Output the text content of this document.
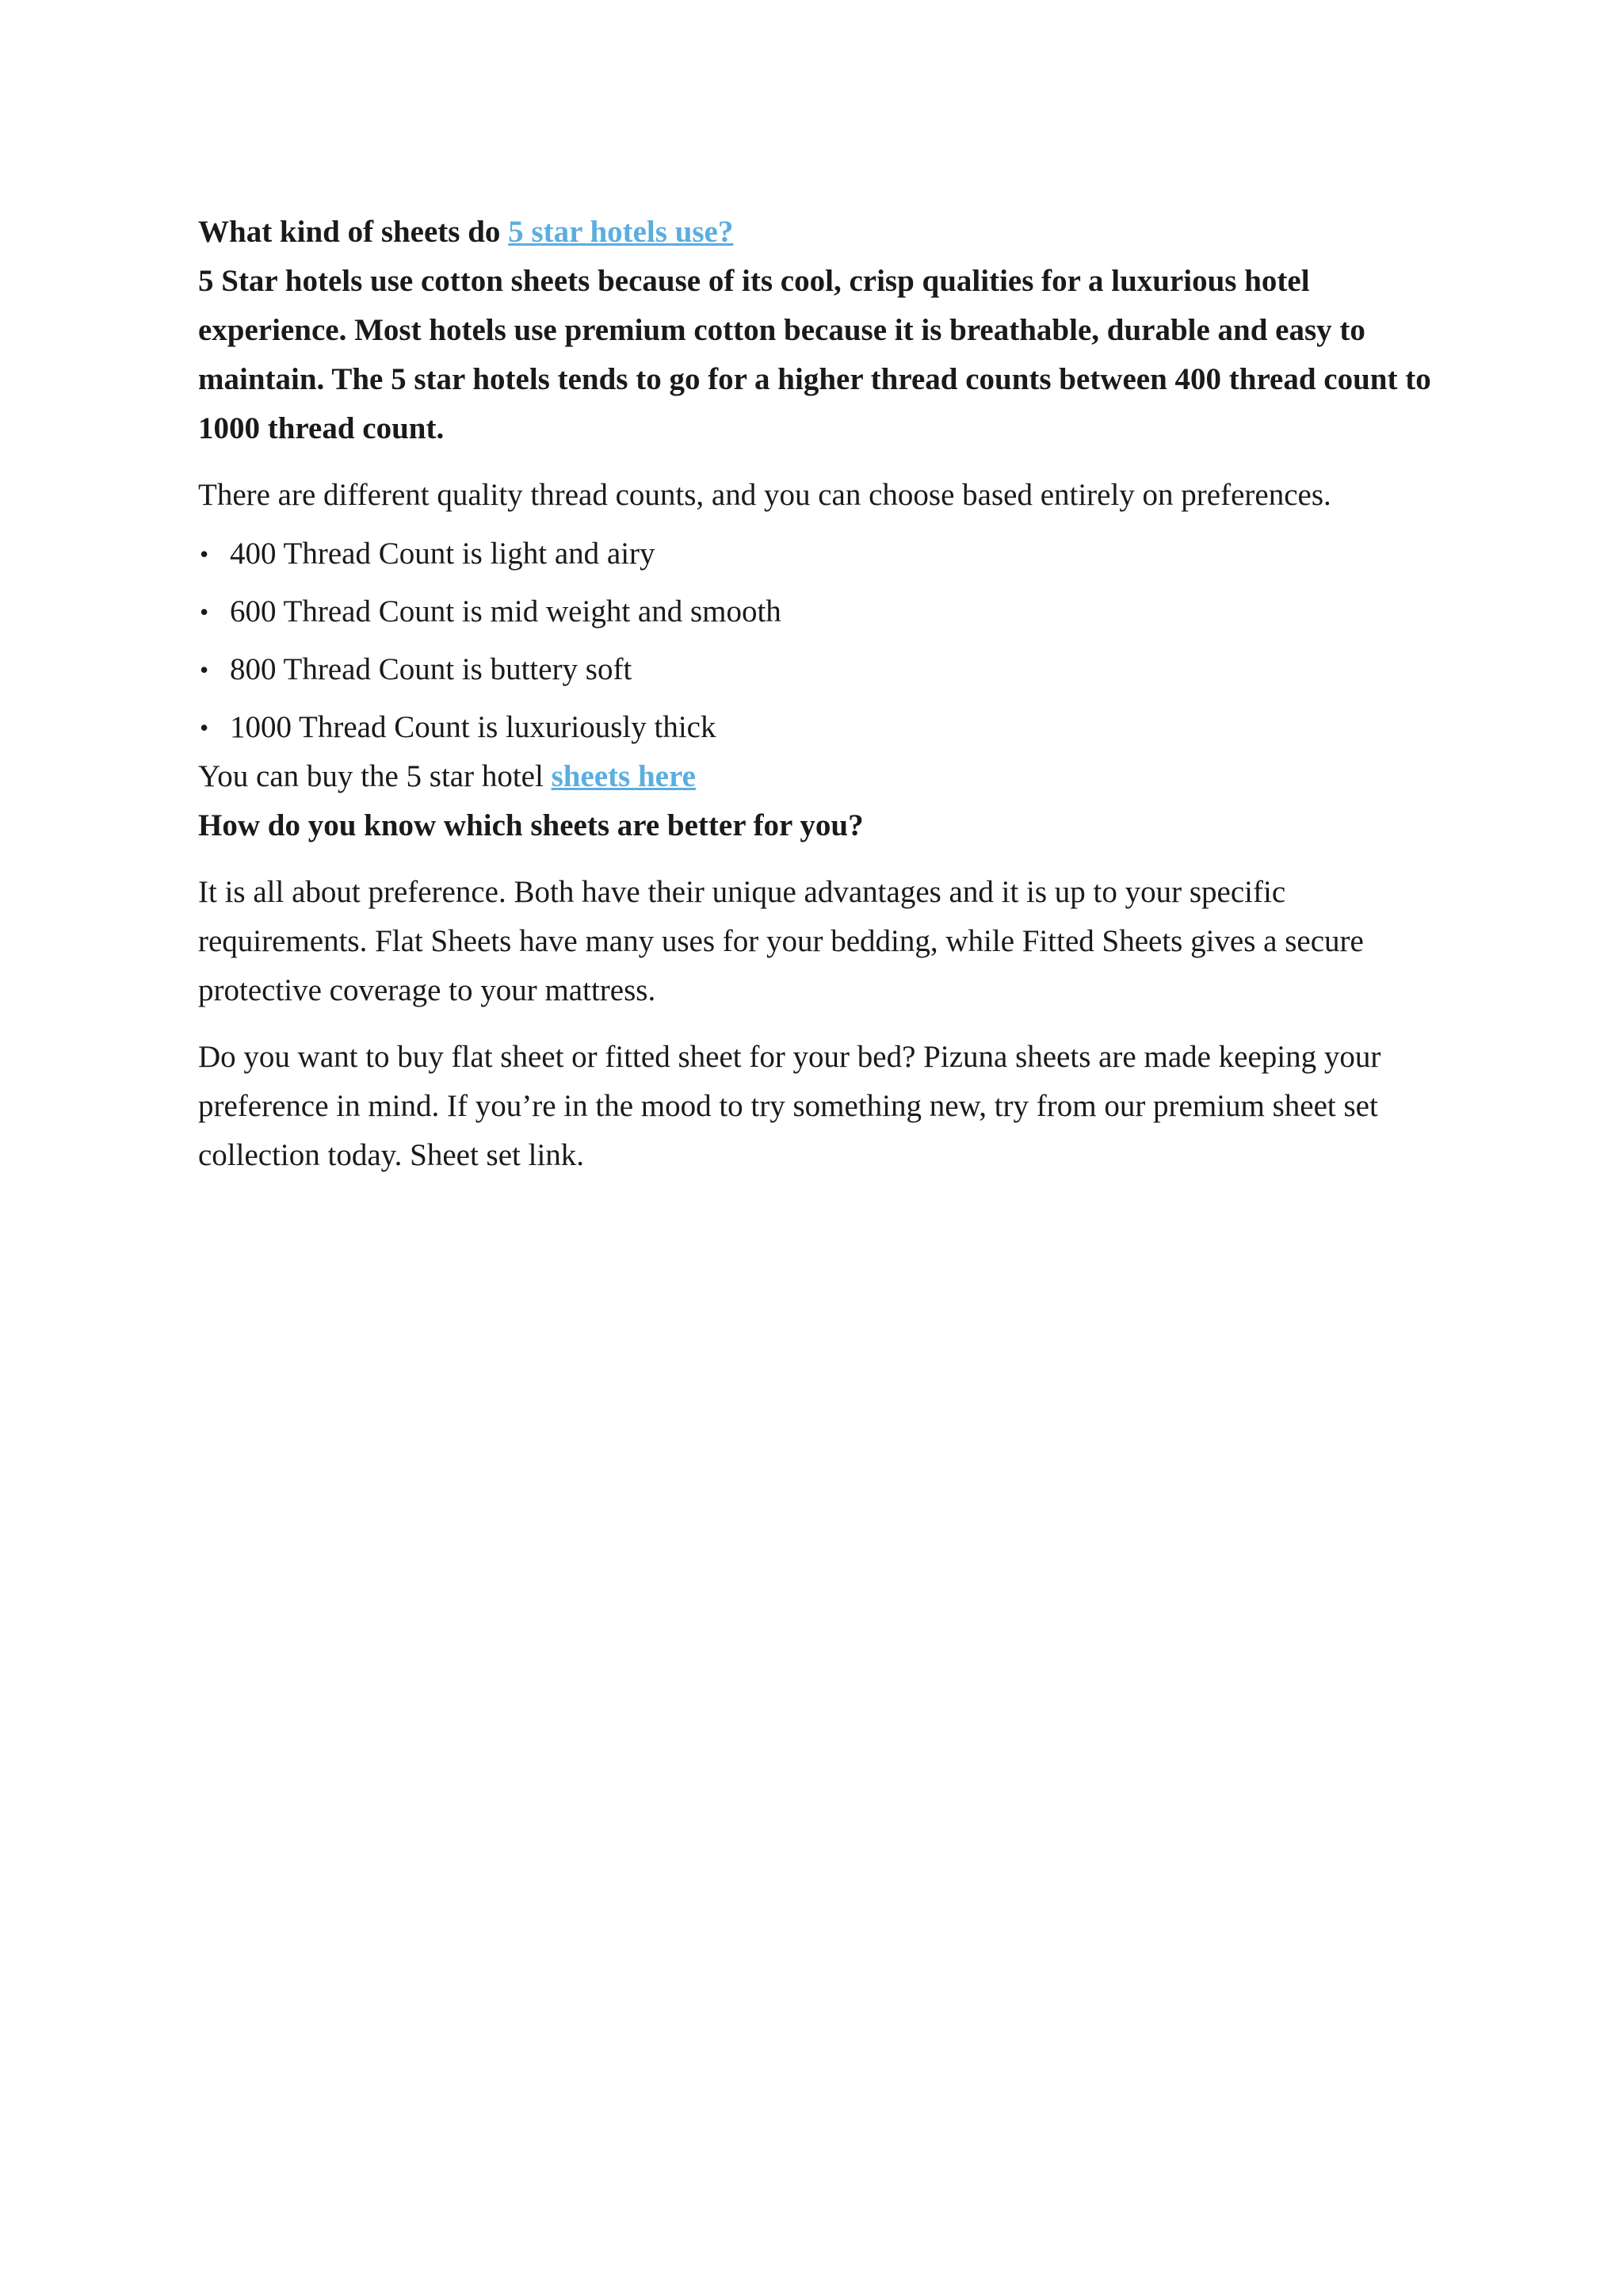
What kind of sheets do 5 star hotels use?

5 Star hotels use cotton sheets because of its cool, crisp qualities for a luxurious hotel experience. Most hotels use premium cotton because it is breathable, durable and easy to maintain. The 5 star hotels tends to go for a higher thread counts between 400 thread count to 1000 thread count.

There are different quality thread counts, and you can choose based entirely on preferences.

• 400 Thread Count is light and airy
• 600 Thread Count is mid weight and smooth
• 800 Thread Count is buttery soft
• 1000 Thread Count is luxuriously thick

You can buy the 5 star hotel sheets here

How do you know which sheets are better for you?

It is all about preference. Both have their unique advantages and it is up to your specific requirements. Flat Sheets have many uses for your bedding, while Fitted Sheets gives a secure protective coverage to your mattress.

Do you want to buy flat sheet or fitted sheet for your bed? Pizuna sheets are made keeping your preference in mind. If you’re in the mood to try something new, try from our premium sheet set collection today. Sheet set link.
